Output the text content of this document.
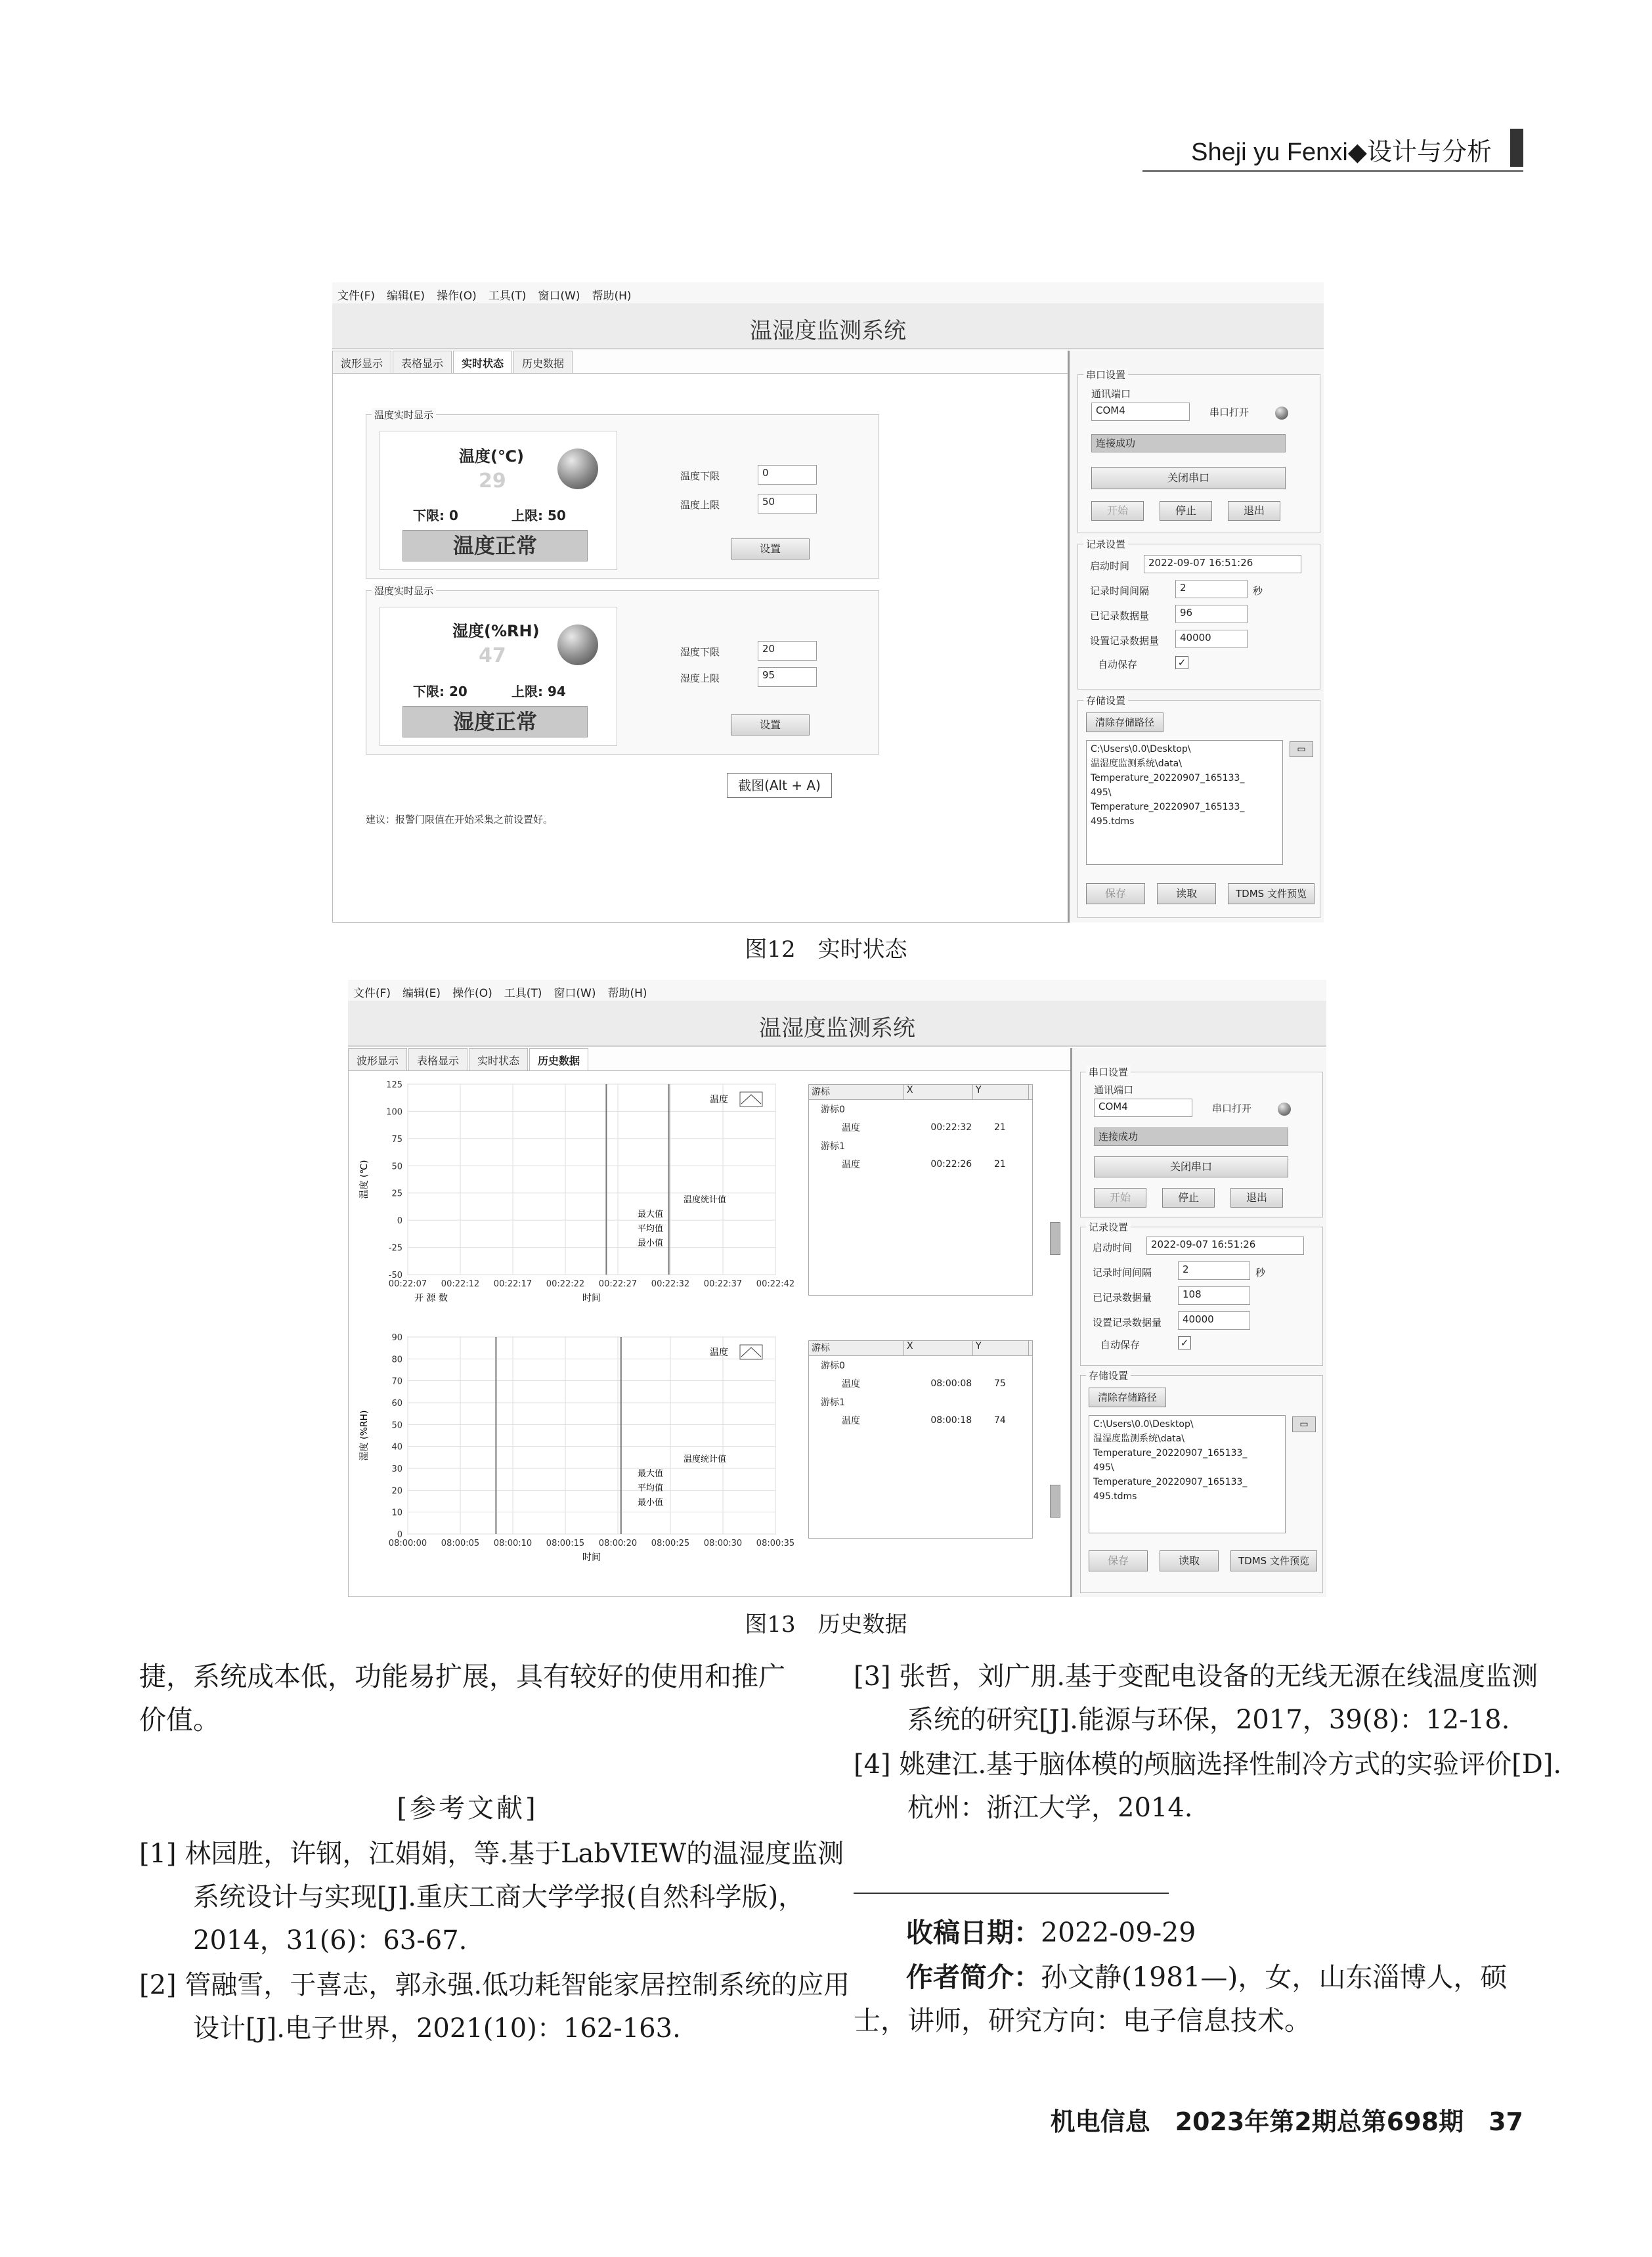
Sheji yu Fenxi◆设计与分析
文件(F) 编辑(E) 操作(O) 工具(T) 窗口(W) 帮助(H)
温湿度监测系统
波形显示 表格显示 实时状态 历史数据
温度实时显示
温度(℃)
29
下限: 0	上限: 50
温度正常
温度下限	0
温度上限	50
设置
湿度实时显示
湿度(%RH)
47
下限: 20	上限: 94
湿度正常
湿度下限	20
湿度上限	95
设置
截图(Alt + A)
建议：报警门限值在开始采集之前设置好。
串口设置
通讯端口
COM4	串口打开
连接成功
关闭串口
开始	停止	退出
记录设置
启动时间	2022-09-07 16:51:26
记录时间间隔	2	秒
已记录数据量	96
设置记录数据量	40000
自动保存	✓
存储设置
清除存储路径
C:\Users\0.0\Desktop\
温湿度监测系统\data\
Temperature_20220907_165133_
495\
Temperature_20220907_165133_
495.tdms
▭
保存	读取	TDMS 文件预览
图12　实时状态
文件(F) 编辑(E) 操作(O) 工具(T) 窗口(W) 帮助(H)
温湿度监测系统
波形显示 表格显示 实时状态 历史数据
125
100
75
50
25
0
-25
-50
00:22:07 00:22:12 00:22:17 00:22:22 00:22:27 00:22:32 00:22:37 00:22:42
时间
温度 (℃)
温度
温度统计值
最大值
平均值
最小值
开 源 数
90
80
70
60
50
40
30
20
10
0
08:00:00 08:00:05 08:00:10 08:00:15 08:00:20 08:00:25 08:00:30 08:00:35
时间
湿度 (%RH)
温度
温度统计值
最大值
平均值
最小值
游标	X	Y
游标0
温度	00:22:32	21
游标1
温度	00:22:26	21
游标	X	Y
游标0
温度	08:00:08	75
游标1
温度	08:00:18	74
串口设置
通讯端口
COM4	串口打开
连接成功
关闭串口
开始	停止	退出
记录设置
启动时间	2022-09-07 16:51:26
记录时间间隔	2	秒
已记录数据量	108
设置记录数据量	40000
自动保存	✓
存储设置
清除存储路径
C:\Users\0.0\Desktop\
温湿度监测系统\data\
Temperature_20220907_165133_
495\
Temperature_20220907_165133_
495.tdms
▭
保存	读取	TDMS 文件预览
图13　历史数据
捷，系统成本低，功能易扩展，具有较好的使用和推广价值。
[参考文献]
[1] 林园胜，许钢，江娟娟，等.基于LabVIEW的温湿度监测系统设计与实现[J].重庆工商大学学报(自然科学版)，2014，31(6)：63-67.
[2] 管融雪，于喜志，郭永强.低功耗智能家居控制系统的应用设计[J].电子世界，2021(10)：162-163.
[3] 张哲，刘广朋.基于变配电设备的无线无源在线温度监测系统的研究[J].能源与环保，2017，39(8)：12-18.
[4] 姚建江.基于脑体模的颅脑选择性制冷方式的实验评价[D].杭州：浙江大学，2014.
收稿日期：2022-09-29
作者简介：孙文静(1981—)，女，山东淄博人，硕士，讲师，研究方向：电子信息技术。
机电信息　2023年第2期总第698期　37
